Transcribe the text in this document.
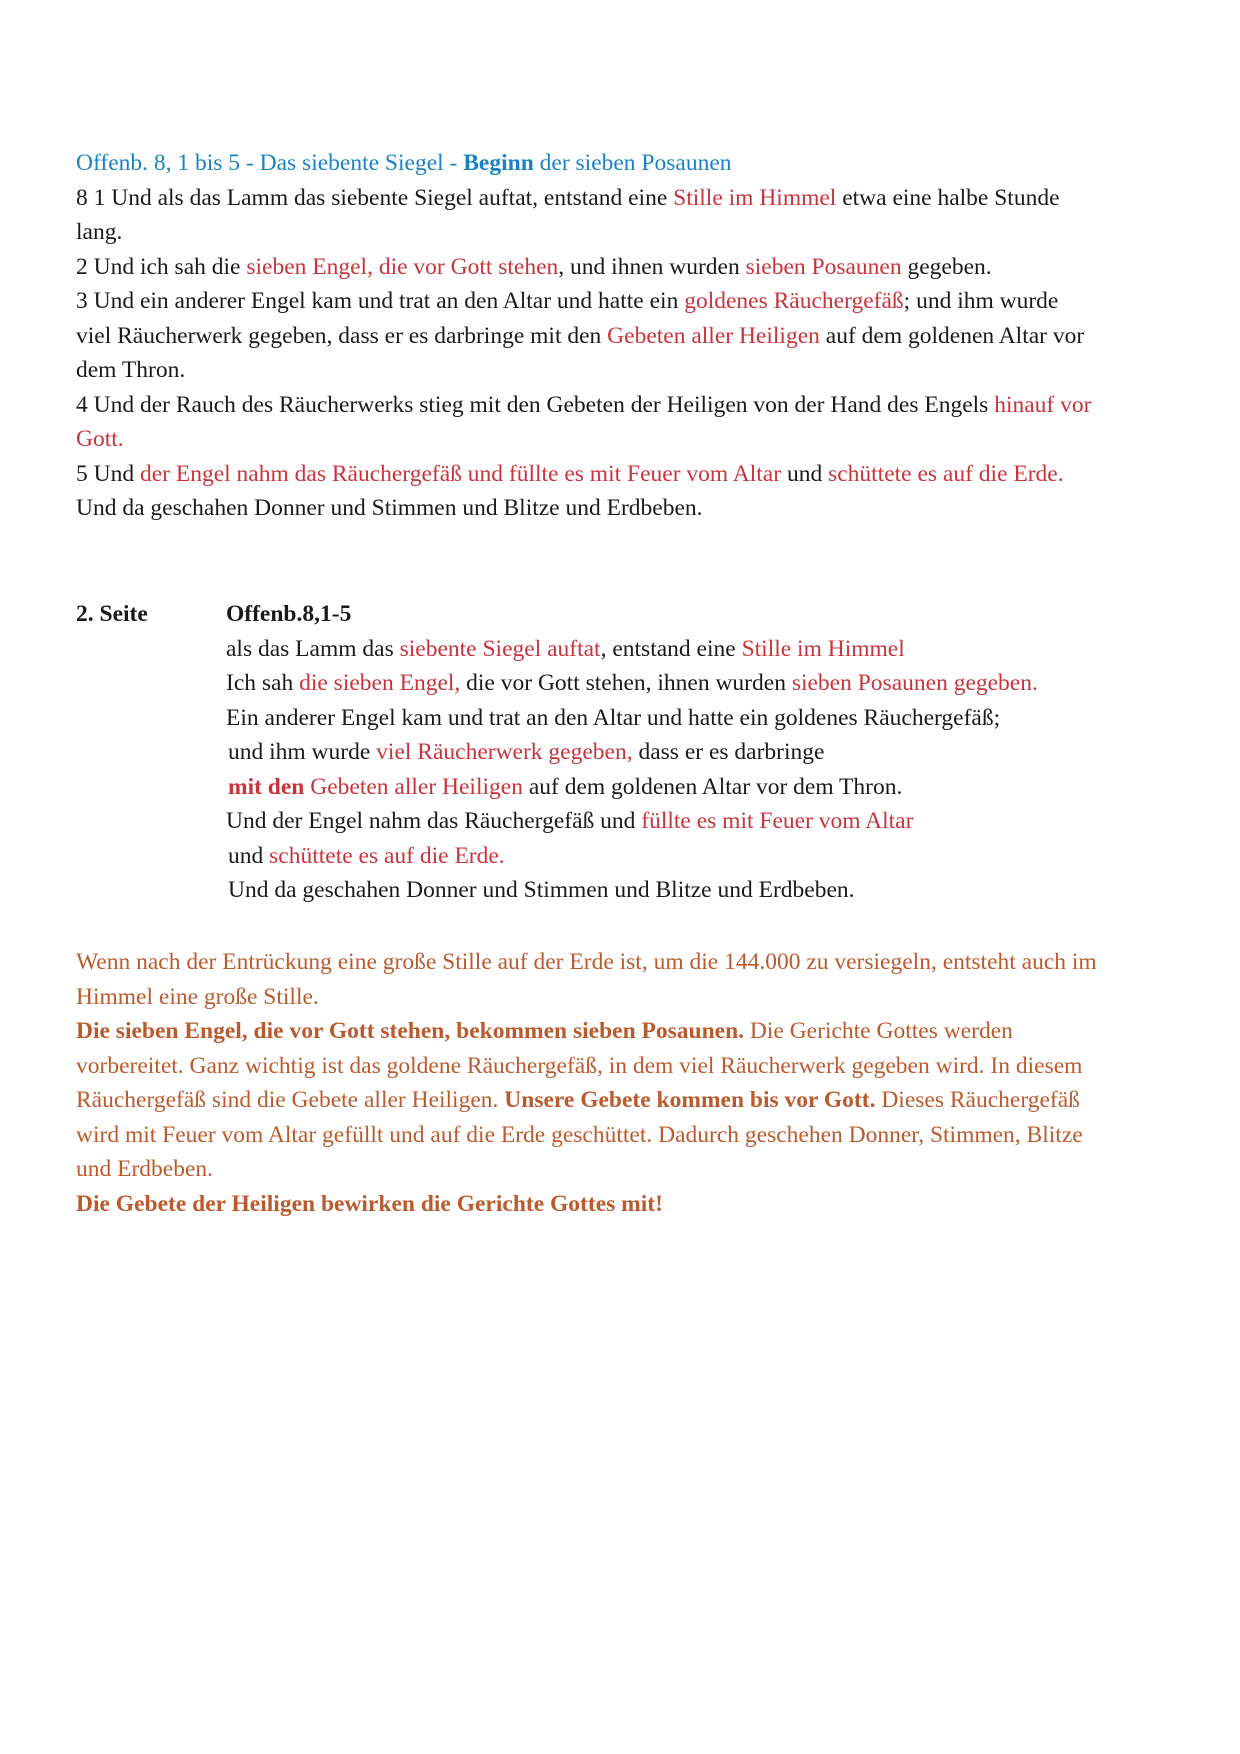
Offenb. 8, 1 bis 5 - Das siebente Siegel - Beginn der sieben Posaunen
8 1 Und als das Lamm das siebente Siegel auftat, entstand eine Stille im Himmel etwa eine halbe Stunde
lang.
2 Und ich sah die sieben Engel, die vor Gott stehen, und ihnen wurden sieben Posaunen gegeben.
3 Und ein anderer Engel kam und trat an den Altar und hatte ein goldenes Räuchergefäß; und ihm wurde
viel Räucherwerk gegeben, dass er es darbringe mit den Gebeten aller Heiligen auf dem goldenen Altar vor
dem Thron.
4 Und der Rauch des Räucherwerks stieg mit den Gebeten der Heiligen von der Hand des Engels hinauf vor
Gott.
5 Und der Engel nahm das Räuchergefäß und füllte es mit Feuer vom Altar und schüttete es auf die Erde.
Und da geschahen Donner und Stimmen und Blitze und Erdbeben.
2. Seite	Offenb.8,1-5
als das Lamm das siebente Siegel auftat, entstand eine Stille im Himmel
Ich sah die sieben Engel, die vor Gott stehen, ihnen wurden sieben Posaunen gegeben.
Ein anderer Engel kam und trat an den Altar und hatte ein goldenes Räuchergefäß;
und ihm wurde viel Räucherwerk gegeben, dass er es darbringe
mit den Gebeten aller Heiligen auf dem goldenen Altar vor dem Thron.
Und der Engel nahm das Räuchergefäß und füllte es mit Feuer vom Altar
und schüttete es auf die Erde.
Und da geschahen Donner und Stimmen und Blitze und Erdbeben.
Wenn nach der Entrückung eine große Stille auf der Erde ist, um die 144.000 zu versiegeln, entsteht auch im
Himmel eine große Stille.
Die sieben Engel, die vor Gott stehen, bekommen sieben Posaunen. Die Gerichte Gottes werden
vorbereitet. Ganz wichtig ist das goldene Räuchergefäß, in dem viel Räucherwerk gegeben wird. In diesem
Räuchergefäß sind die Gebete aller Heiligen. Unsere Gebete kommen bis vor Gott. Dieses Räuchergefäß
wird mit Feuer vom Altar gefüllt und auf die Erde geschüttet. Dadurch geschehen Donner, Stimmen, Blitze
und Erdbeben.
Die Gebete der Heiligen bewirken die Gerichte Gottes mit!
